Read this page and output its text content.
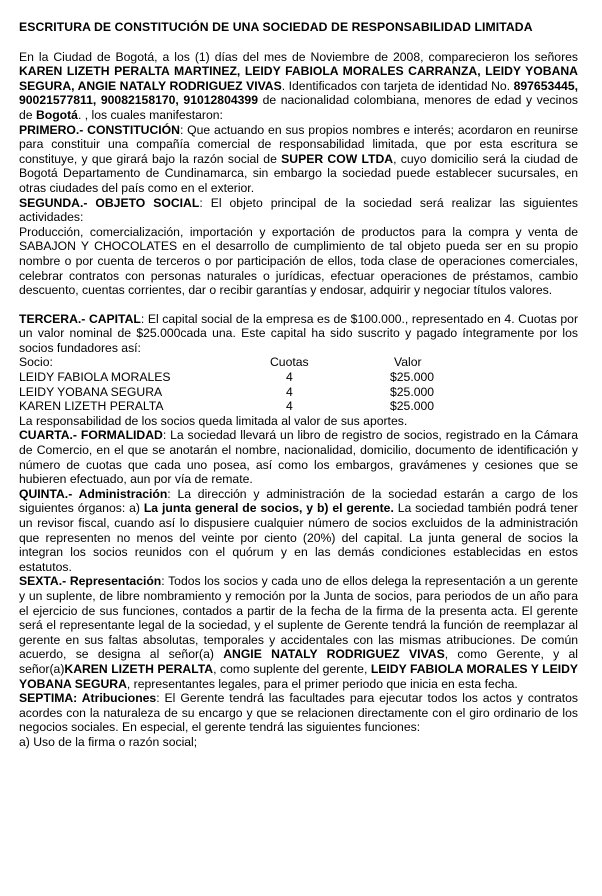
ESCRITURA DE CONSTITUCIÓN DE UNA SOCIEDAD DE RESPONSABILIDAD LIMITADA

En la Ciudad de Bogotá, a los (1) días del mes de Noviembre de 2008, comparecieron los señores KAREN LIZETH PERALTA MARTINEZ, LEIDY FABIOLA MORALES CARRANZA, LEIDY YOBANA SEGURA, ANGIE NATALY RODRIGUEZ VIVAS. Identificados con tarjeta de identidad No. 897653445, 90021577811, 90082158170, 91012804399 de nacionalidad colombiana, menores de edad y vecinos de Bogotá. , los cuales manifestaron:

PRIMERO.- CONSTITUCIÓN: Que actuando en sus propios nombres e interés; acordaron en reunirse para constituir una compañía comercial de responsabilidad limitada, que por esta escritura se constituye, y que girará bajo la razón social de SUPER COW LTDA, cuyo domicilio será la ciudad de Bogotá Departamento de Cundinamarca, sin embargo la sociedad puede establecer sucursales, en otras ciudades del país como en el exterior.

SEGUNDA.- OBJETO SOCIAL: El objeto principal de la sociedad será realizar las siguientes actividades:

Producción, comercialización, importación y exportación de productos para la compra y venta de SABAJON Y CHOCOLATES en el desarrollo de cumplimiento de tal objeto pueda ser en su propio nombre o por cuenta de terceros o por participación de ellos, toda clase de operaciones comerciales, celebrar contratos con personas naturales o jurídicas, efectuar operaciones de préstamos, cambio descuento, cuentas corrientes, dar o recibir garantías y endosar, adquirir y negociar títulos valores.

TERCERA.- CAPITAL: El capital social de la empresa es de $100.000., representado en 4. Cuotas por un valor nominal de $25.000cada una. Este capital ha sido suscrito y pagado íntegramente por los socios fundadores así:

Socio:	Cuotas	Valor
LEIDY FABIOLA MORALES	4	$25.000
LEIDY YOBANA SEGURA	4	$25.000
KAREN LIZETH PERALTA	4	$25.000

La responsabilidad de los socios queda limitada al valor de sus aportes.

CUARTA.- FORMALIDAD: La sociedad llevará un libro de registro de socios, registrado en la Cámara de Comercio, en el que se anotarán el nombre, nacionalidad, domicilio, documento de identificación y número de cuotas que cada uno posea, así como los embargos, gravámenes y cesiones que se hubieren efectuado, aun por vía de remate.

QUINTA.- Administración: La dirección y administración de la sociedad estarán a cargo de los siguientes órganos: a) La junta general de socios, y b) el gerente. La sociedad también podrá tener un revisor fiscal, cuando así lo dispusiere cualquier número de socios excluidos de la administración que representen no menos del veinte por ciento (20%) del capital. La junta general de socios la integran los socios reunidos con el quórum y en las demás condiciones establecidas en estos estatutos.

SEXTA.- Representación: Todos los socios y cada uno de ellos delega la representación a un gerente y un suplente, de libre nombramiento y remoción por la Junta de socios, para periodos de un año para el ejercicio de sus funciones, contados a partir de la fecha de la firma de la presenta acta. El gerente será el representante legal de la sociedad, y el suplente de Gerente tendrá la función de reemplazar al gerente en sus faltas absolutas, temporales y accidentales con las mismas atribuciones. De común acuerdo, se designa al señor(a) ANGIE NATALY RODRIGUEZ VIVAS, como Gerente, y al señor(a)KAREN LIZETH PERALTA, como suplente del gerente, LEIDY FABIOLA MORALES Y LEIDY YOBANA SEGURA, representantes legales, para el primer periodo que inicia en esta fecha.

SEPTIMA: Atribuciones: El Gerente tendrá las facultades para ejecutar todos los actos y contratos acordes con la naturaleza de su encargo y que se relacionen directamente con el giro ordinario de los negocios sociales. En especial, el gerente tendrá las siguientes funciones:

a) Uso de la firma o razón social;
